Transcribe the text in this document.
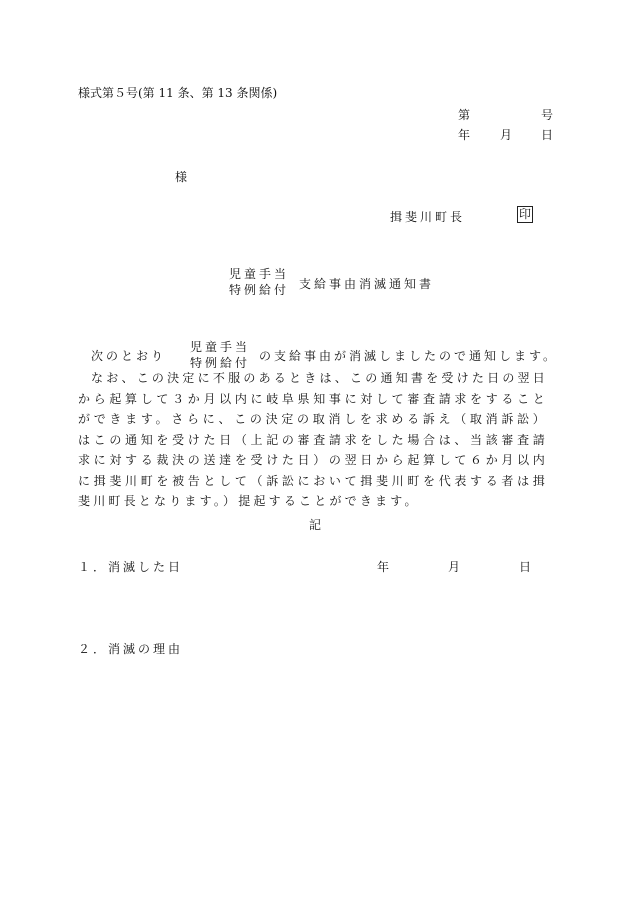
様式第５号(第 11 条、第 13 条関係)
第	号
年 月 日
様
揖斐川町長	印
児童手当
特例給付 支給事由消滅通知書
次のとおり
児童手当
特例給付 の支給事由が消滅しましたので通知します。
なお、この決定に不服のあるときは、この通知書を受けた日の翌日から起算して３か月以内に岐阜県知事に対して審査請求をすることができます。さらに、この決定の取消しを求める訴え（取消訴訟）はこの通知を受けた日（上記の審査請求をした場合は、当該審査請求に対する裁決の送達を受けた日）の翌日から起算して６か月以内に揖斐川町を被告として（訴訟において揖斐川町を代表する者は揖斐川町長となります。）提起することができます。
記
１．消滅した日	年	月	日
２．消滅の理由
